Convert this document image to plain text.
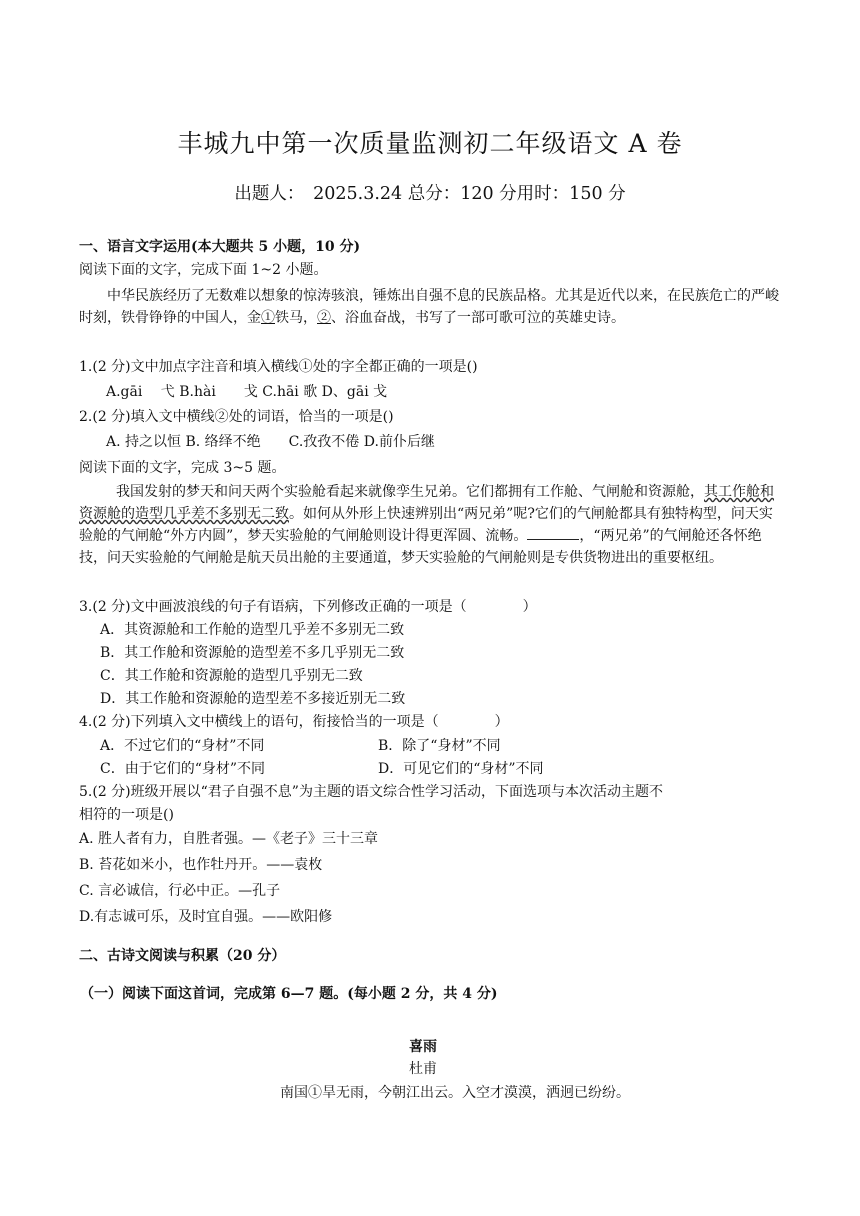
丰城九中第一次质量监测初二年级语文 A 卷
出题人：　2025.3.24 总分：120 分用时：150 分
一、语言文字运用(本大题共 5 小题，10 分)
阅读下面的文字，完成下面 1~2 小题。
中华民族经历了无数难以想象的惊涛骇浪，锤炼出自强不息的民族品格。尤其是近代以来，在民族危亡的严峻时刻，铁骨铮铮的中国人，金①铁马，②、浴血奋战，书写了一部可歌可泣的英雄史诗。
1.(2 分)文中加点字注音和填入横线①处的字全都正确的一项是()
A.gāi　 弋 B.hài　　戈 C.hāi 歌 D、gāi 戈
2.(2 分)填入文中横线②处的词语，恰当的一项是()
A. 持之以恒 B. 络绎不绝　　C.孜孜不倦 D.前仆后继
阅读下面的文字，完成 3~5 题。
我国发射的梦天和问天两个实验舱看起来就像孪生兄弟。它们都拥有工作舱、气闸舱和资源舱，其工作舱和资源舱的造型几乎差不多别无二致。如何从外形上快速辨别出“两兄弟”呢?它们的气闸舱都具有独特构型，问天实验舱的气闸舱“外方内圆”，梦天实验舱的气闸舱则设计得更浑圆、流畅。	，“两兄弟”的气闸舱还各怀绝技，问天实验舱的气闸舱是航天员出舱的主要通道，梦天实验舱的气闸舱则是专供货物进出的重要枢纽。
3.(2 分)文中画波浪线的句子有语病，下列修改正确的一项是（　　　　）
A．其资源舱和工作舱的造型几乎差不多别无二致
B．其工作舱和资源舱的造型差不多几乎别无二致
C．其工作舱和资源舱的造型几乎别无二致
D．其工作舱和资源舱的造型差不多接近别无二致
4.(2 分)下列填入文中横线上的语句，衔接恰当的一项是（　　　　）
A．不过它们的“身材”不同	B．除了“身材”不同
C．由于它们的“身材”不同	D．可见它们的“身材”不同
5.(2 分)班级开展以“君子自强不息”为主题的语文综合性学习活动，下面选项与本次活动主题不
相符的一项是()
A. 胜人者有力，自胜者强。—《老子》三十三章
B. 苔花如米小，也作牡丹开。——袁枚
C. 言必诚信，行必中正。—孔子
D.有志诚可乐，及时宜自强。——欧阳修
二、古诗文阅读与积累（20 分）
（一）阅读下面这首词，完成第 6—7 题。(每小题 2 分，共 4 分)
喜雨
杜甫
南国①旱无雨，今朝江出云。入空才漠漠，洒迥已纷纷。
